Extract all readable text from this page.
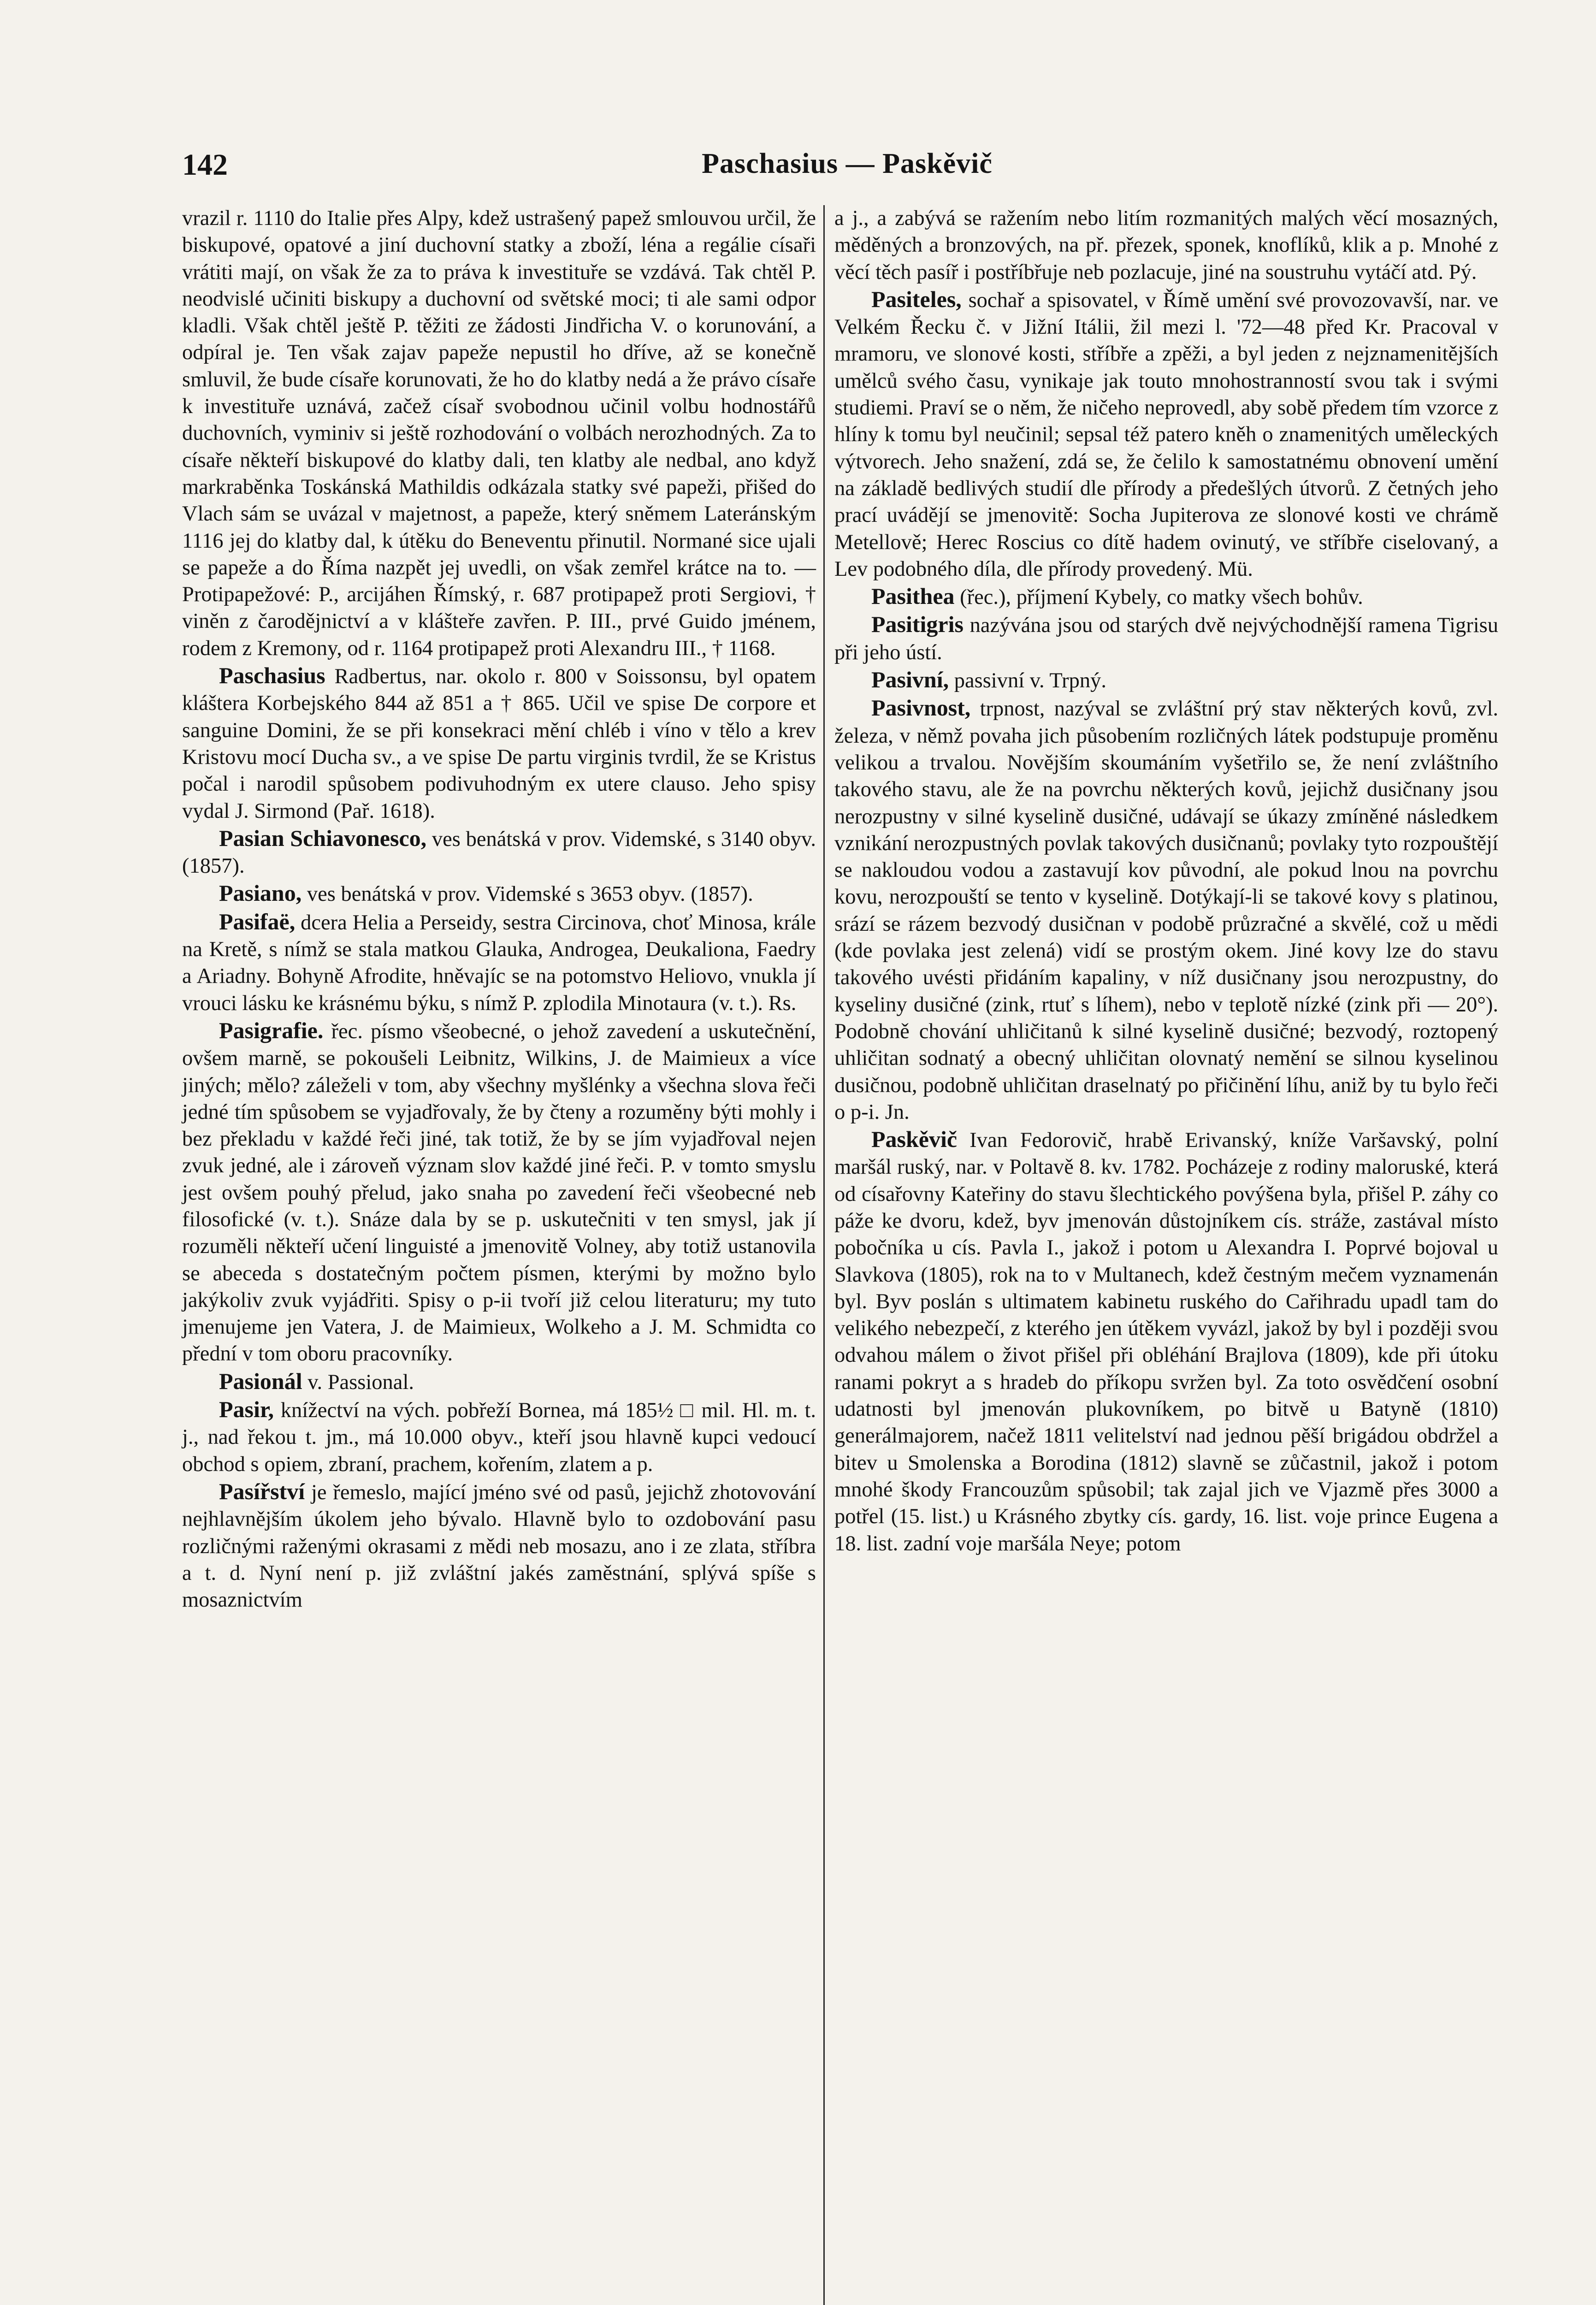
142	Paschasius — Paskěvič

vrazil r. 1110 do Italie přes Alpy, kdež ustrašený papež smlouvou určil, že biskupové, opatové a jiní duchovní statky a zboží, léna a regálie císaři vrátiti mají, on však že za to práva k investituře se vzdává. Tak chtěl P. neodvislé učiniti biskupy a duchovní od světské moci; ti ale sami odpor kladli. Však chtěl ještě P. těžiti ze žádosti Jindřicha V. o korunování, a odpíral je. Ten však zajav papeže nepustil ho dříve, až se konečně smluvil, že bude císaře korunovati, že ho do klatby nedá a že právo císaře k investituře uznává, začež císař svobodnou učinil volbu hodnostářů duchovních, vyminiv si ještě rozhodování o volbách nerozhodných. Za to císaře někteří biskupové do klatby dali, ten klatby ale nedbal, ano když markraběnka Toskánská Mathildis odkázala statky své papeži, přišed do Vlach sám se uvázal v majetnost, a papeže, který sněmem Lateránským 1116 jej do klatby dal, k útěku do Beneventu přinutil. Normané sice ujali se papeže a do Říma nazpět jej uvedli, on však zemřel krátce na to. — Protipapežové: P., arcijáhen Římský, r. 687 protipapež proti Sergiovi, † viněn z čarodějnictví a v klášteře zavřen. P. III., prvé Guido jménem, rodem z Kremony, od r. 1164 protipapež proti Alexandru III., † 1168.

Paschasius Radbertus, nar. okolo r. 800 v Soissonsu, byl opatem kláštera Korbejského 844 až 851 a † 865. Učil ve spise De corpore et sanguine Domini, že se při konsekraci mění chléb i víno v tělo a krev Kristovu mocí Ducha sv., a ve spise De partu virginis tvrdil, že se Kristus počal i narodil spůsobem podivuhodným ex utere clauso. Jeho spisy vydal J. Sirmond (Pař. 1618).

Pasian Schiavonesco, ves benátská v prov. Videmské, s 3140 obyv. (1857).

Pasiano, ves benátská v prov. Videmské s 3653 obyv. (1857).

Pasifaë, dcera Helia a Perseidy, sestra Circinova, choť Minosa, krále na Kretě, s nímž se stala matkou Glauka, Androgea, Deukaliona, Faedry a Ariadny. Bohyně Afrodite, hněvajíc se na potomstvo Heliovo, vnukla jí vrouci lásku ke krásnému býku, s nímž P. zplodila Minotaura (v. t.). Rs.

Pasigrafie. řec. písmo všeobecné, o jehož zavedení a uskutečnění, ovšem marně, se pokoušeli Leibnitz, Wilkins, J. de Maimieux a více jiných; mělo? záleželi v tom, aby všechny myšlénky a všechna slova řeči jedné tím spůsobem se vyjadřovaly, že by čteny a rozuměny býti mohly i bez překladu v každé řeči jiné, tak totiž, že by se jím vyjadřoval nejen zvuk jedné, ale i zároveň význam slov každé jiné řeči. P. v tomto smyslu jest ovšem pouhý přelud, jako snaha po zavedení řeči všeobecné neb filosofické (v. t.). Snáze dala by se p. uskutečniti v ten smysl, jak jí rozuměli někteří učení linguisté a jmenovitě Volney, aby totiž ustanovila se abeceda s dostatečným počtem písmen, kterými by možno bylo jakýkoliv zvuk vyjádřiti. Spisy o p-ii tvoří již celou literaturu; my tuto jmenujeme jen Vatera, J. de Maimieux, Wolkeho a J. M. Schmidta co přední v tom oboru pracovníky.

Pasionál v. Passional.

Pasir, knížectví na vých. pobřeží Bornea, má 185½ □ mil. Hl. m. t. j., nad řekou t. jm., má 10.000 obyv., kteří jsou hlavně kupci vedoucí obchod s opiem, zbraní, prachem, kořením, zlatem a p.

Pasířství je řemeslo, mající jméno své od pasů, jejichž zhotovování nejhlavnějším úkolem jeho bývalo. Hlavně bylo to ozdobování pasu rozličnými raženými okrasami z mědi neb mosazu, ano i ze zlata, stříbra a t. d. Nyní není p. již zvláštní jakés zaměstnání, splývá spíše s mosaznictvím

a j., a zabývá se ražením nebo litím rozmanitých malých věcí mosazných, měděných a bronzových, na př. přezek, sponek, knoflíků, klik a p. Mnohé z věcí těch pasíř i postříbřuje neb pozlacuje, jiné na soustruhu vytáčí atd. Pý.

Pasiteles, sochař a spisovatel, v Římě umění své provozovavší, nar. ve Velkém Řecku č. v Jižní Itálii, žil mezi l. '72—48 před Kr. Pracoval v mramoru, ve slonové kosti, stříbře a zpěži, a byl jeden z nejznamenitějších umělců svého času, vynikaje jak touto mnohostranností svou tak i svými studiemi. Praví se o něm, že ničeho neprovedl, aby sobě předem tím vzorce z hlíny k tomu byl neučinil; sepsal též patero kněh o znamenitých uměleckých výtvorech. Jeho snažení, zdá se, že čelilo k samostatnému obnovení umění na základě bedlivých studií dle přírody a předešlých útvorů. Z četných jeho prací uvádějí se jmenovitě: Socha Jupiterova ze slonové kosti ve chrámě Metellově; Herec Roscius co dítě hadem ovinutý, ve stříbře ciselovaný, a Lev podobného díla, dle přírody provedený. Mü.

Pasithea (řec.), příjmení Kybely, co matky všech bohův.

Pasitigris nazývána jsou od starých dvě nejvýchodnější ramena Tigrisu při jeho ústí.

Pasivní, passivní v. Trpný.

Pasivnost, trpnost, nazýval se zvláštní prý stav některých kovů, zvl. železa, v němž povaha jich působením rozličných látek podstupuje proměnu velikou a trvalou. Novějším skoumáním vyšetřilo se, že není zvláštního takového stavu, ale že na povrchu některých kovů, jejichž dusičnany jsou nerozpustny v silné kyselině dusičné, udávají se úkazy zmíněné následkem vznikání nerozpustných povlak takových dusičnanů; povlaky tyto rozpouštějí se nakloudou vodou a zastavují kov původní, ale pokud lnou na povrchu kovu, nerozpouští se tento v kyselině. Dotýkají-li se takové kovy s platinou, srází se rázem bezvodý dusičnan v podobě průzračné a skvělé, což u mědi (kde povlaka jest zelená) vidí se prostým okem. Jiné kovy lze do stavu takového uvésti přidáním kapaliny, v níž dusičnany jsou nerozpustny, do kyseliny dusičné (zink, rtuť s líhem), nebo v teplotě nízké (zink při — 20°). Podobně chování uhličitanů k silné kyselině dusičné; bezvodý, roztopený uhličitan sodnatý a obecný uhličitan olovnatý nemění se silnou kyselinou dusičnou, podobně uhličitan draselnatý po přičinění líhu, aniž by tu bylo řeči o p-i. Jn.

Paskěvič Ivan Fedorovič, hrabě Erivanský, kníže Varšavský, polní maršál ruský, nar. v Poltavě 8. kv. 1782. Pocházeje z rodiny maloruské, která od císařovny Kateřiny do stavu šlechtického povýšena byla, přišel P. záhy co páže ke dvoru, kdež, byv jmenován důstojníkem cís. stráže, zastával místo pobočníka u cís. Pavla I., jakož i potom u Alexandra I. Poprvé bojoval u Slavkova (1805), rok na to v Multanech, kdež čestným mečem vyznamenán byl. Byv poslán s ultimatem kabinetu ruského do Cařihradu upadl tam do velikého nebezpečí, z kterého jen útěkem vyvázl, jakož by byl i později svou odvahou málem o život přišel při obléhání Brajlova (1809), kde při útoku ranami pokryt a s hradeb do příkopu svržen byl. Za toto osvědčení osobní udatnosti byl jmenován plukovníkem, po bitvě u Batyně (1810) generálmajorem, načež 1811 velitelství nad jednou pěší brigádou obdržel a bitev u Smolenska a Borodina (1812) slavně se zůčastnil, jakož i potom mnohé škody Francouzům spůsobil; tak zajal jich ve Vjazmě přes 3000 a potřel (15. list.) u Krásného zbytky cís. gardy, 16. list. voje prince Eugena a 18. list. zadní voje maršála Neye; potom
